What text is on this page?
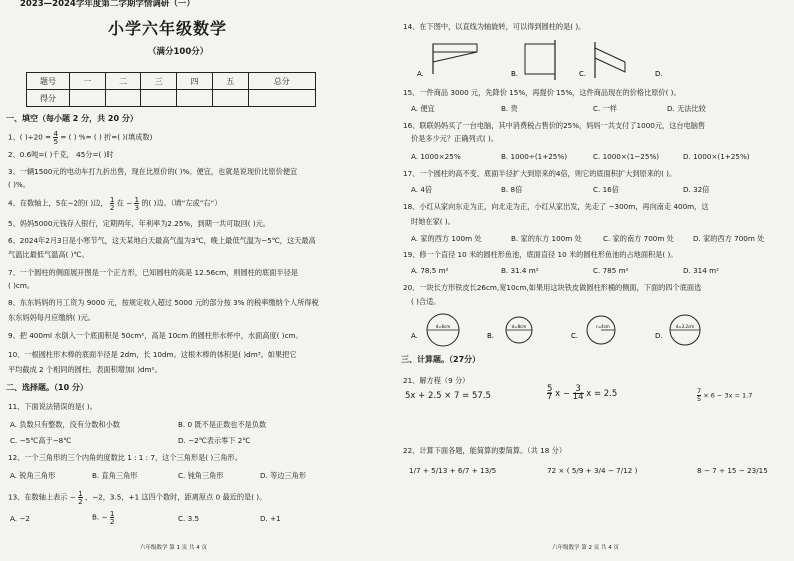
2023—2024学年度第二学期学情调研（一）
小学六年级数学
（满分100分）
题号	一	二	三	四	五	总分
得分						
一、填空（每小题 2 分，共 20 分）
1、( )$\div 20 = \frac{4}{5}$ = ( ) %= ( ) 折=( )(填成数)
2、0.6吨=( )千克， 45分=( )时
3、一辆1500元的电动车打九折出售，现在比原价的( )%。便宜，也就是说现价比原价便宜
( )%。
4、在数轴上，5在−2的( )边， $\frac{1}{2}$ 在 − $\frac{1}{3}$ 的( )边。（填“左或”右“）
5、妈妈5000元钱存入银行，定期两年，年利率为2.25%，到期一共可取回( )元。
6、2024年2月3日是小寒节气，这天某地白天最高气温为3℃，晚上最低气温为−5℃，这天最高
气温比最低气温高( )℃。
7、一个圆柱的侧面展开图是一个正方形，已知圆柱的高是 12.56cm，则圆柱的底面半径是
( )cm。
8、东东妈妈的月工资为 9000 元，按规定收入超过 5000 元的部分按 3% 的税率缴纳个人所得税
东东妈妈每月应缴纳( )元。
9、把 400ml 水倒入一个底面积是 50cm²，高是 10cm 的圆柱形水杯中，水面高度( )cm。
10、一根圆柱形木棒的底面半径是 2dm，长 10dm。这根木棒的体积是( )dm³。如果把它
平均截成 2 个相同的圆柱，表面积增加( )dm²。
二、选择题。（10 分）
11、下面说法错误的是( )。
A. 负数只有整数，没有分数和小数	B. 0 既不是正数也不是负数
C. −5℃高于−8℃	D. −2℃表示零下 2℃
12、一个三角形的三个内角的度数比 1 : 1 : 7，这个三角形是( )三角形。
A. 锐角三角形	B. 直角三角形	C. 钝角三角形	D. 等边三角形
13、在数轴上表示 − $\frac{1}{2}$ ，−2，3.5，+1 这四个数时，距离原点 0 最近的是( )。
A. −2	B. − $\frac{1}{2}$	C. 3.5	D. +1
六年级数学 第 1 页 共 4 页
14、在下图中，以直线为轴旋转，可以得到圆柱的是( )。
A.	B.	C.	D.
15、一件商品 3000 元，先降价 15%，再提价 15%，这件商品现在的价格比原价( )。
A. 便宜	B. 贵	C. 一样	D. 无法比较
16、联联妈妈买了一台电脑，其中消费税占售价的25%，妈妈一共支付了1000元，这台电脑售
价是多少元？正确列式( )。
A. 1000×25%	B. 1000÷(1+25%)	C. 1000×(1−25%)	D. 1000×(1+25%)
17、一个圆柱的高不变，底面半径扩大到原来的4倍，则它的底面积扩大到原来的( )。
A. 4倍	B. 8倍	C. 16倍	D. 32倍
18、小红从家向东走为正，向北走为正，小红从家出发，先走了 −300m，再向南走 400m，这
时她在家( )。
A. 家的西方 100m 处	B. 家的东方 100m 处	C. 家的南方 700m 处	D. 家的西方 700m 处
19、修一个直径 10 米的圆柱形鱼池，底面直径 10 米的圆柱形鱼池的占地面积是( )。
A. 78.5 m²	B. 31.4 m²	C. 785 m²	D. 314 m²
20、一块长方形铁皮长26cm,宽10cm,如果用这块铁皮做圆柱形桶的侧面，下面的四个底面选
( )合适。
A.
d=6cm
B.
d=8cm
C.
r=4cm
D.
d=3.2cm
三、计算题。（27分）
21、解方程（9 分）
5x + 2.5 × 7 = 57.5	$\frac{5}{7}$ $x - \frac{3}{14}$ x = 2.5	$\frac{7}{5} \times 6 - 3x = 1.7$
22、计算下面各题，能简算的要简算。（共 18 分）
1/7 + 5/13 + 6/7 + 13/5	72 × ( 5/9 + 3/4 − 7/12 )	8 − 7 ÷ 15 − 23/15
六年级数学 第 2 页 共 4 页
